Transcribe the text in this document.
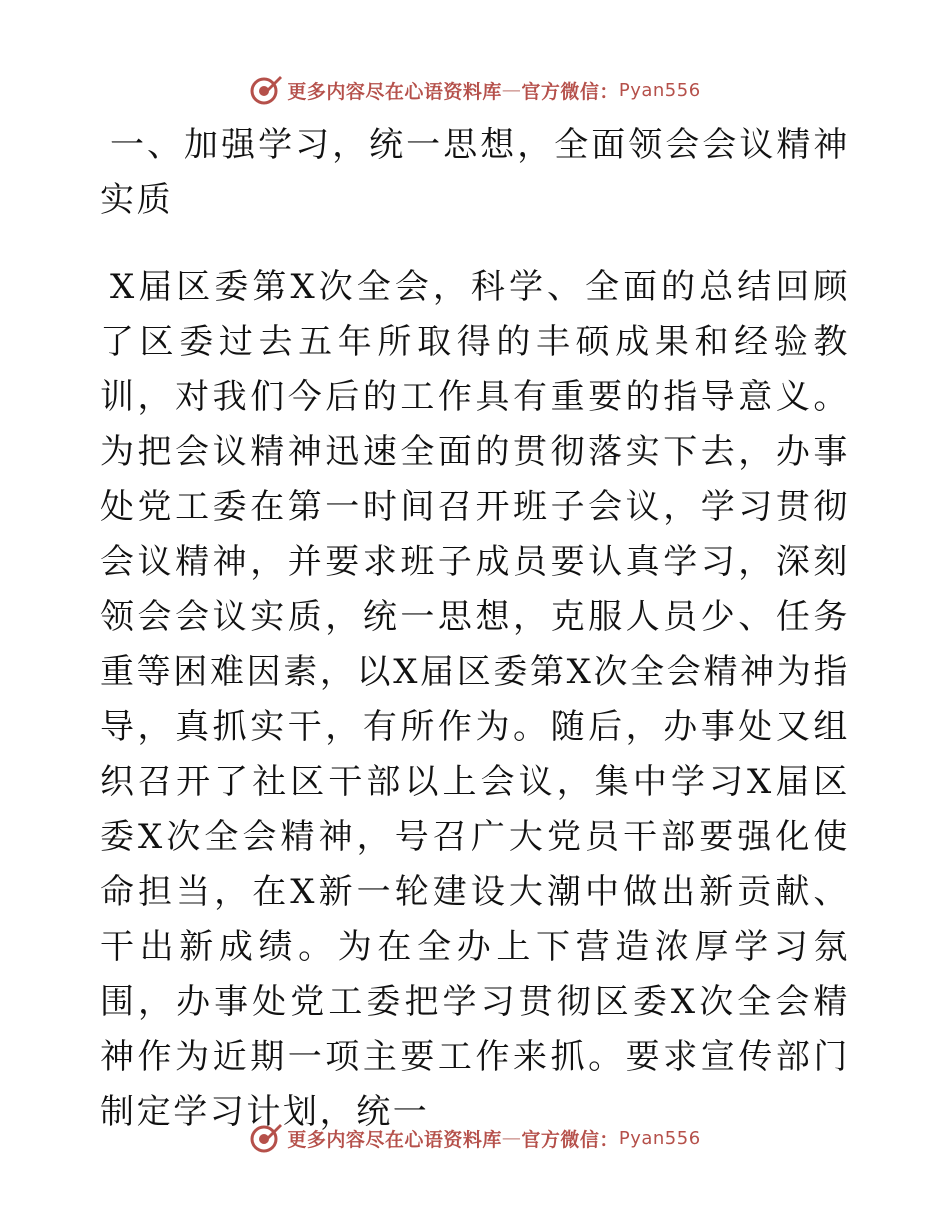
更多内容尽在心语资料库 — 官方微信： Pyan556
一、加强学习，统一思想，全面领会会议精神实质

X届区委第X次全会，科学、全面的总结回顾了区委过去五年所取得的丰硕成果和经验教训，对我们今后的工作具有重要的指导意义。为把会议精神迅速全面的贯彻落实下去，办事处党工委在第一时间召开班子会议，学习贯彻会议精神，并要求班子成员要认真学习，深刻领会会议实质，统一思想，克服人员少、任务重等困难因素，以X届区委第X次全会精神为指导，真抓实干，有所作为。随后，办事处又组织召开了社区干部以上会议，集中学习X届区委X次全会精神，号召广大党员干部要强化使命担当，在X新一轮建设大潮中做出新贡献、干出新成绩。为在全办上下营造浓厚学习氛围，办事处党工委把学习贯彻区委X次全会精神作为近期一项主要工作来抓。要求宣传部门制定学习计划，统一

更多内容尽在心语资料库 — 官方微信： Pyan556
